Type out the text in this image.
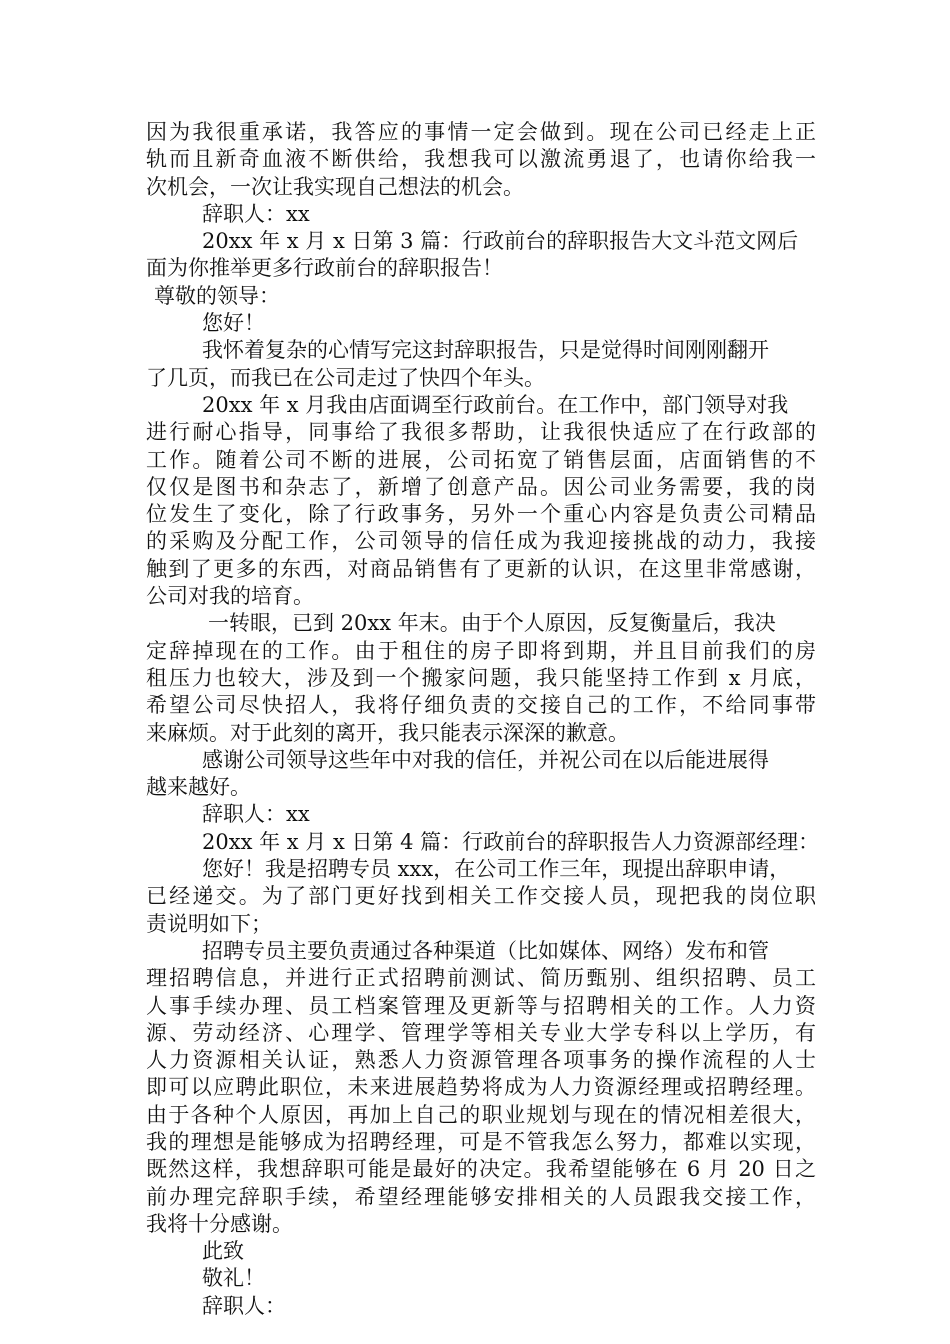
因为我很重承诺，我答应的事情一定会做到。现在公司已经走上正
轨而且新奇血液不断供给，我想我可以激流勇退了，也请你给我一
次机会，一次让我实现自己想法的机会。
辞职人：xx
20xx 年 x 月 x 日第 3 篇：行政前台的辞职报告大文斗范文网后
面为你推举更多行政前台的辞职报告！
尊敬的领导：
您好！
我怀着复杂的心情写完这封辞职报告，只是觉得时间刚刚翻开
了几页，而我已在公司走过了快四个年头。
20xx 年 x 月我由店面调至行政前台。在工作中，部门领导对我
进行耐心指导，同事给了我很多帮助，让我很快适应了在行政部的
工作。随着公司不断的进展，公司拓宽了销售层面，店面销售的不
仅仅是图书和杂志了，新增了创意产品。因公司业务需要，我的岗
位发生了变化，除了行政事务，另外一个重心内容是负责公司精品
的采购及分配工作，公司领导的信任成为我迎接挑战的动力，我接
触到了更多的东西，对商品销售有了更新的认识，在这里非常感谢，
公司对我的培育。
一转眼，已到 20xx 年末。由于个人原因，反复衡量后，我决
定辞掉现在的工作。由于租住的房子即将到期，并且目前我们的房
租压力也较大，涉及到一个搬家问题，我只能坚持工作到 x 月底，
希望公司尽快招人，我将仔细负责的交接自己的工作，不给同事带
来麻烦。对于此刻的离开，我只能表示深深的歉意。
感谢公司领导这些年中对我的信任，并祝公司在以后能进展得
越来越好。
辞职人：xx
20xx 年 x 月 x 日第 4 篇：行政前台的辞职报告人力资源部经理：
您好！我是招聘专员 xxx，在公司工作三年，现提出辞职申请，
已经递交。为了部门更好找到相关工作交接人员，现把我的岗位职
责说明如下；
招聘专员主要负责通过各种渠道（比如媒体、网络）发布和管
理招聘信息，并进行正式招聘前测试、简历甄别、组织招聘、员工
人事手续办理、员工档案管理及更新等与招聘相关的工作。人力资
源、劳动经济、心理学、管理学等相关专业大学专科以上学历，有
人力资源相关认证，熟悉人力资源管理各项事务的操作流程的人士
即可以应聘此职位，未来进展趋势将成为人力资源经理或招聘经理。
由于各种个人原因，再加上自己的职业规划与现在的情况相差很大，
我的理想是能够成为招聘经理，可是不管我怎么努力，都难以实现，
既然这样，我想辞职可能是最好的决定。我希望能够在 6 月 20 日之
前办理完辞职手续，希望经理能够安排相关的人员跟我交接工作，
我将十分感谢。
此致
敬礼！
辞职人：
